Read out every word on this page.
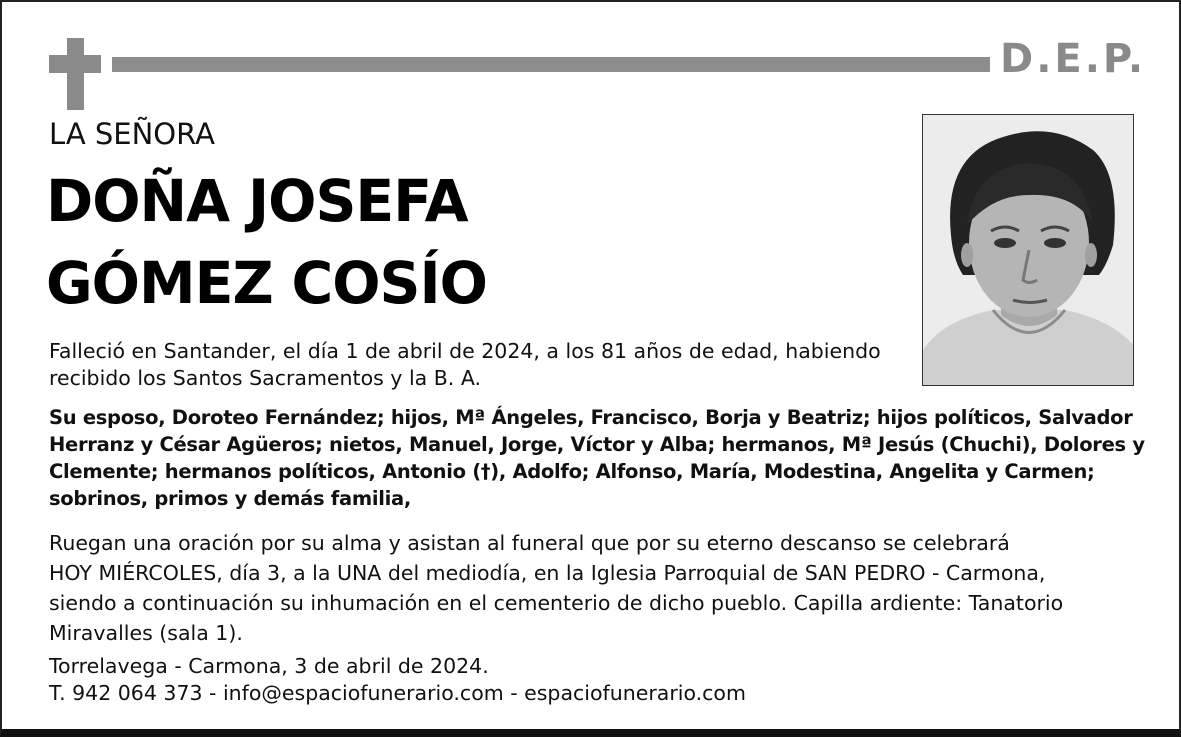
D.E.P.
LA SEÑORA
DOÑA JOSEFA
GÓMEZ COSÍO
Falleció en Santander, el día 1 de abril de 2024, a los 81 años de edad, habiendo
recibido los Santos Sacramentos y la B. A.
Su esposo, Doroteo Fernández; hijos, Mª Ángeles, Francisco, Borja y Beatriz; hijos políticos, Salvador
Herranz y César Agüeros; nietos, Manuel, Jorge, Víctor y Alba; hermanos, Mª Jesús (Chuchi), Dolores y
Clemente; hermanos políticos, Antonio (†), Adolfo; Alfonso, María, Modestina, Angelita y Carmen;
sobrinos, primos y demás familia,
Ruegan una oración por su alma y asistan al funeral que por su eterno descanso se celebrará
HOY MIÉRCOLES, día 3, a la UNA del mediodía, en la Iglesia Parroquial de SAN PEDRO - Carmona,
siendo a continuación su inhumación en el cementerio de dicho pueblo. Capilla ardiente: Tanatorio
Miravalles (sala 1).
Torrelavega - Carmona, 3 de abril de 2024.
T. 942 064 373 - info@espaciofunerario.com - espaciofunerario.com
